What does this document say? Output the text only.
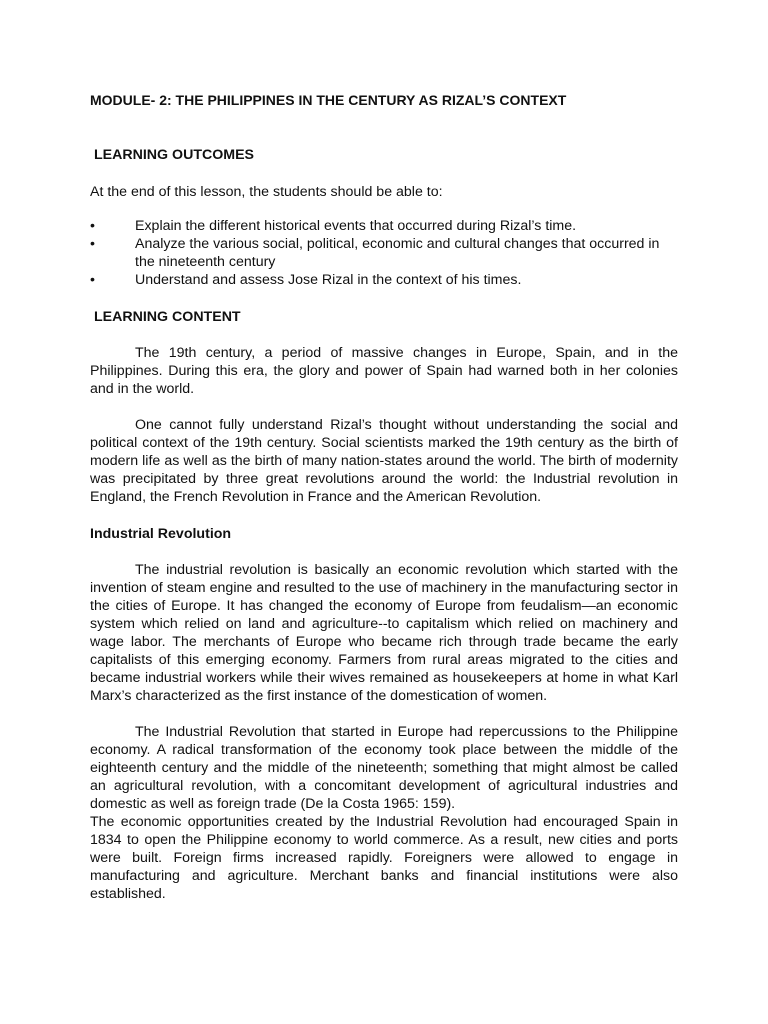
MODULE- 2: THE PHILIPPINES IN THE CENTURY AS RIZAL’S CONTEXT
LEARNING OUTCOMES

At the end of this lesson, the students should be able to:

•	Explain the different historical events that occurred during Rizal’s time.
•	Analyze the various social, political, economic and cultural changes that occurred in the nineteenth century
•	Understand and assess Jose Rizal in the context of his times.
LEARNING CONTENT

The 19th century, a period of massive changes in Europe, Spain, and in the Philippines. During this era, the glory and power of Spain had warned both in her colonies and in the world.

One cannot fully understand Rizal’s thought without understanding the social and political context of the 19th century. Social scientists marked the 19th century as the birth of modern life as well as the birth of many nation-states around the world. The birth of modernity was precipitated by three great revolutions around the world: the Industrial revolution in England, the French Revolution in France and the American Revolution.

Industrial Revolution

The industrial revolution is basically an economic revolution which started with the invention of steam engine and resulted to the use of machinery in the manufacturing sector in the cities of Europe. It has changed the economy of Europe from feudalism—an economic system which relied on land and agriculture--to capitalism which relied on machinery and wage labor. The merchants of Europe who became rich through trade became the early capitalists of this emerging economy. Farmers from rural areas migrated to the cities and became industrial workers while their wives remained as housekeepers at home in what Karl Marx’s characterized as the first instance of the domestication of women.

The Industrial Revolution that started in Europe had repercussions to the Philippine economy. A radical transformation of the economy took place between the middle of the eighteenth century and the middle of the nineteenth; something that might almost be called an agricultural revolution, with a concomitant development of agricultural industries and domestic as well as foreign trade (De la Costa 1965: 159).

The economic opportunities created by the Industrial Revolution had encouraged Spain in 1834 to open the Philippine economy to world commerce. As a result, new cities and ports were built. Foreign firms increased rapidly. Foreigners were allowed to engage in manufacturing and agriculture. Merchant banks and financial institutions were also established.
